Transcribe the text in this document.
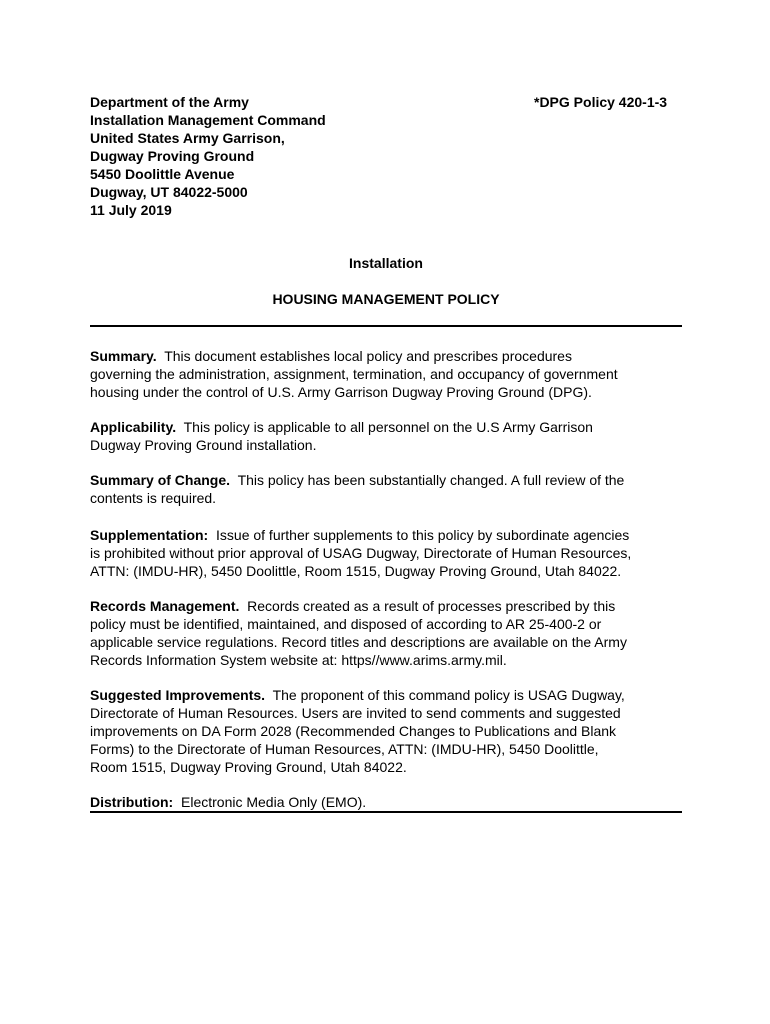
Department of the Army
Installation Management Command
United States Army Garrison,
Dugway Proving Ground
5450 Doolittle Avenue
Dugway, UT 84022-5000
11 July 2019
*DPG Policy 420-1-3
Installation
HOUSING MANAGEMENT POLICY
Summary. This document establishes local policy and prescribes procedures
governing the administration, assignment, termination, and occupancy of government
housing under the control of U.S. Army Garrison Dugway Proving Ground (DPG).
Applicability. This policy is applicable to all personnel on the U.S Army Garrison
Dugway Proving Ground installation.
Summary of Change. This policy has been substantially changed. A full review of the
contents is required.
Supplementation: Issue of further supplements to this policy by subordinate agencies
is prohibited without prior approval of USAG Dugway, Directorate of Human Resources,
ATTN: (IMDU-HR), 5450 Doolittle, Room 1515, Dugway Proving Ground, Utah 84022.
Records Management. Records created as a result of processes prescribed by this
policy must be identified, maintained, and disposed of according to AR 25-400-2 or
applicable service regulations. Record titles and descriptions are available on the Army
Records Information System website at: https//www.arims.army.mil.
Suggested Improvements. The proponent of this command policy is USAG Dugway,
Directorate of Human Resources. Users are invited to send comments and suggested
improvements on DA Form 2028 (Recommended Changes to Publications and Blank
Forms) to the Directorate of Human Resources, ATTN: (IMDU-HR), 5450 Doolittle,
Room 1515, Dugway Proving Ground, Utah 84022.
Distribution: Electronic Media Only (EMO).
